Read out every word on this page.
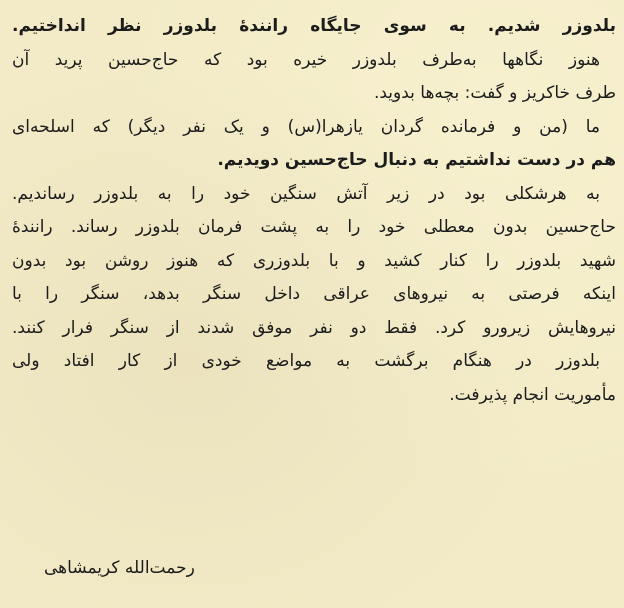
بلدوزر شدیم. به سوی جایگاه رانندهٔ بلدوزر نظر انداختیم.
هنوز نگاهها به‌طرف بلدوزر خیره بود که حاج‌حسین پرید آن
طرف خاکریز و گفت: بچه‌ها بدوید.
ما (من و فرمانده گردان یازهرا(س) و یک نفر دیگر) که اسلحه‌ای
هم در دست نداشتیم به دنبال حاج‌حسین دویدیم.
به هرشکلی بود در زیر آتش سنگین خود را به بلدوزر رساندیم.
حاج‌حسین بدون معطلی خود را به پشت فرمان بلدوزر رساند. رانندهٔ
شهید بلدوزر را کنار کشید و با بلدوزری که هنوز روشن بود بدون
اینکه فرصتی به نیروهای عراقی داخل سنگر بدهد، سنگر را با
نیروهایش زیرورو کرد. فقط دو نفر موفق شدند از سنگر فرار کنند.
بلدوزر در هنگام برگشت به مواضع خودی از کار افتاد ولی
مأموریت انجام پذیرفت.
رحمت‌الله کریمشاهی
